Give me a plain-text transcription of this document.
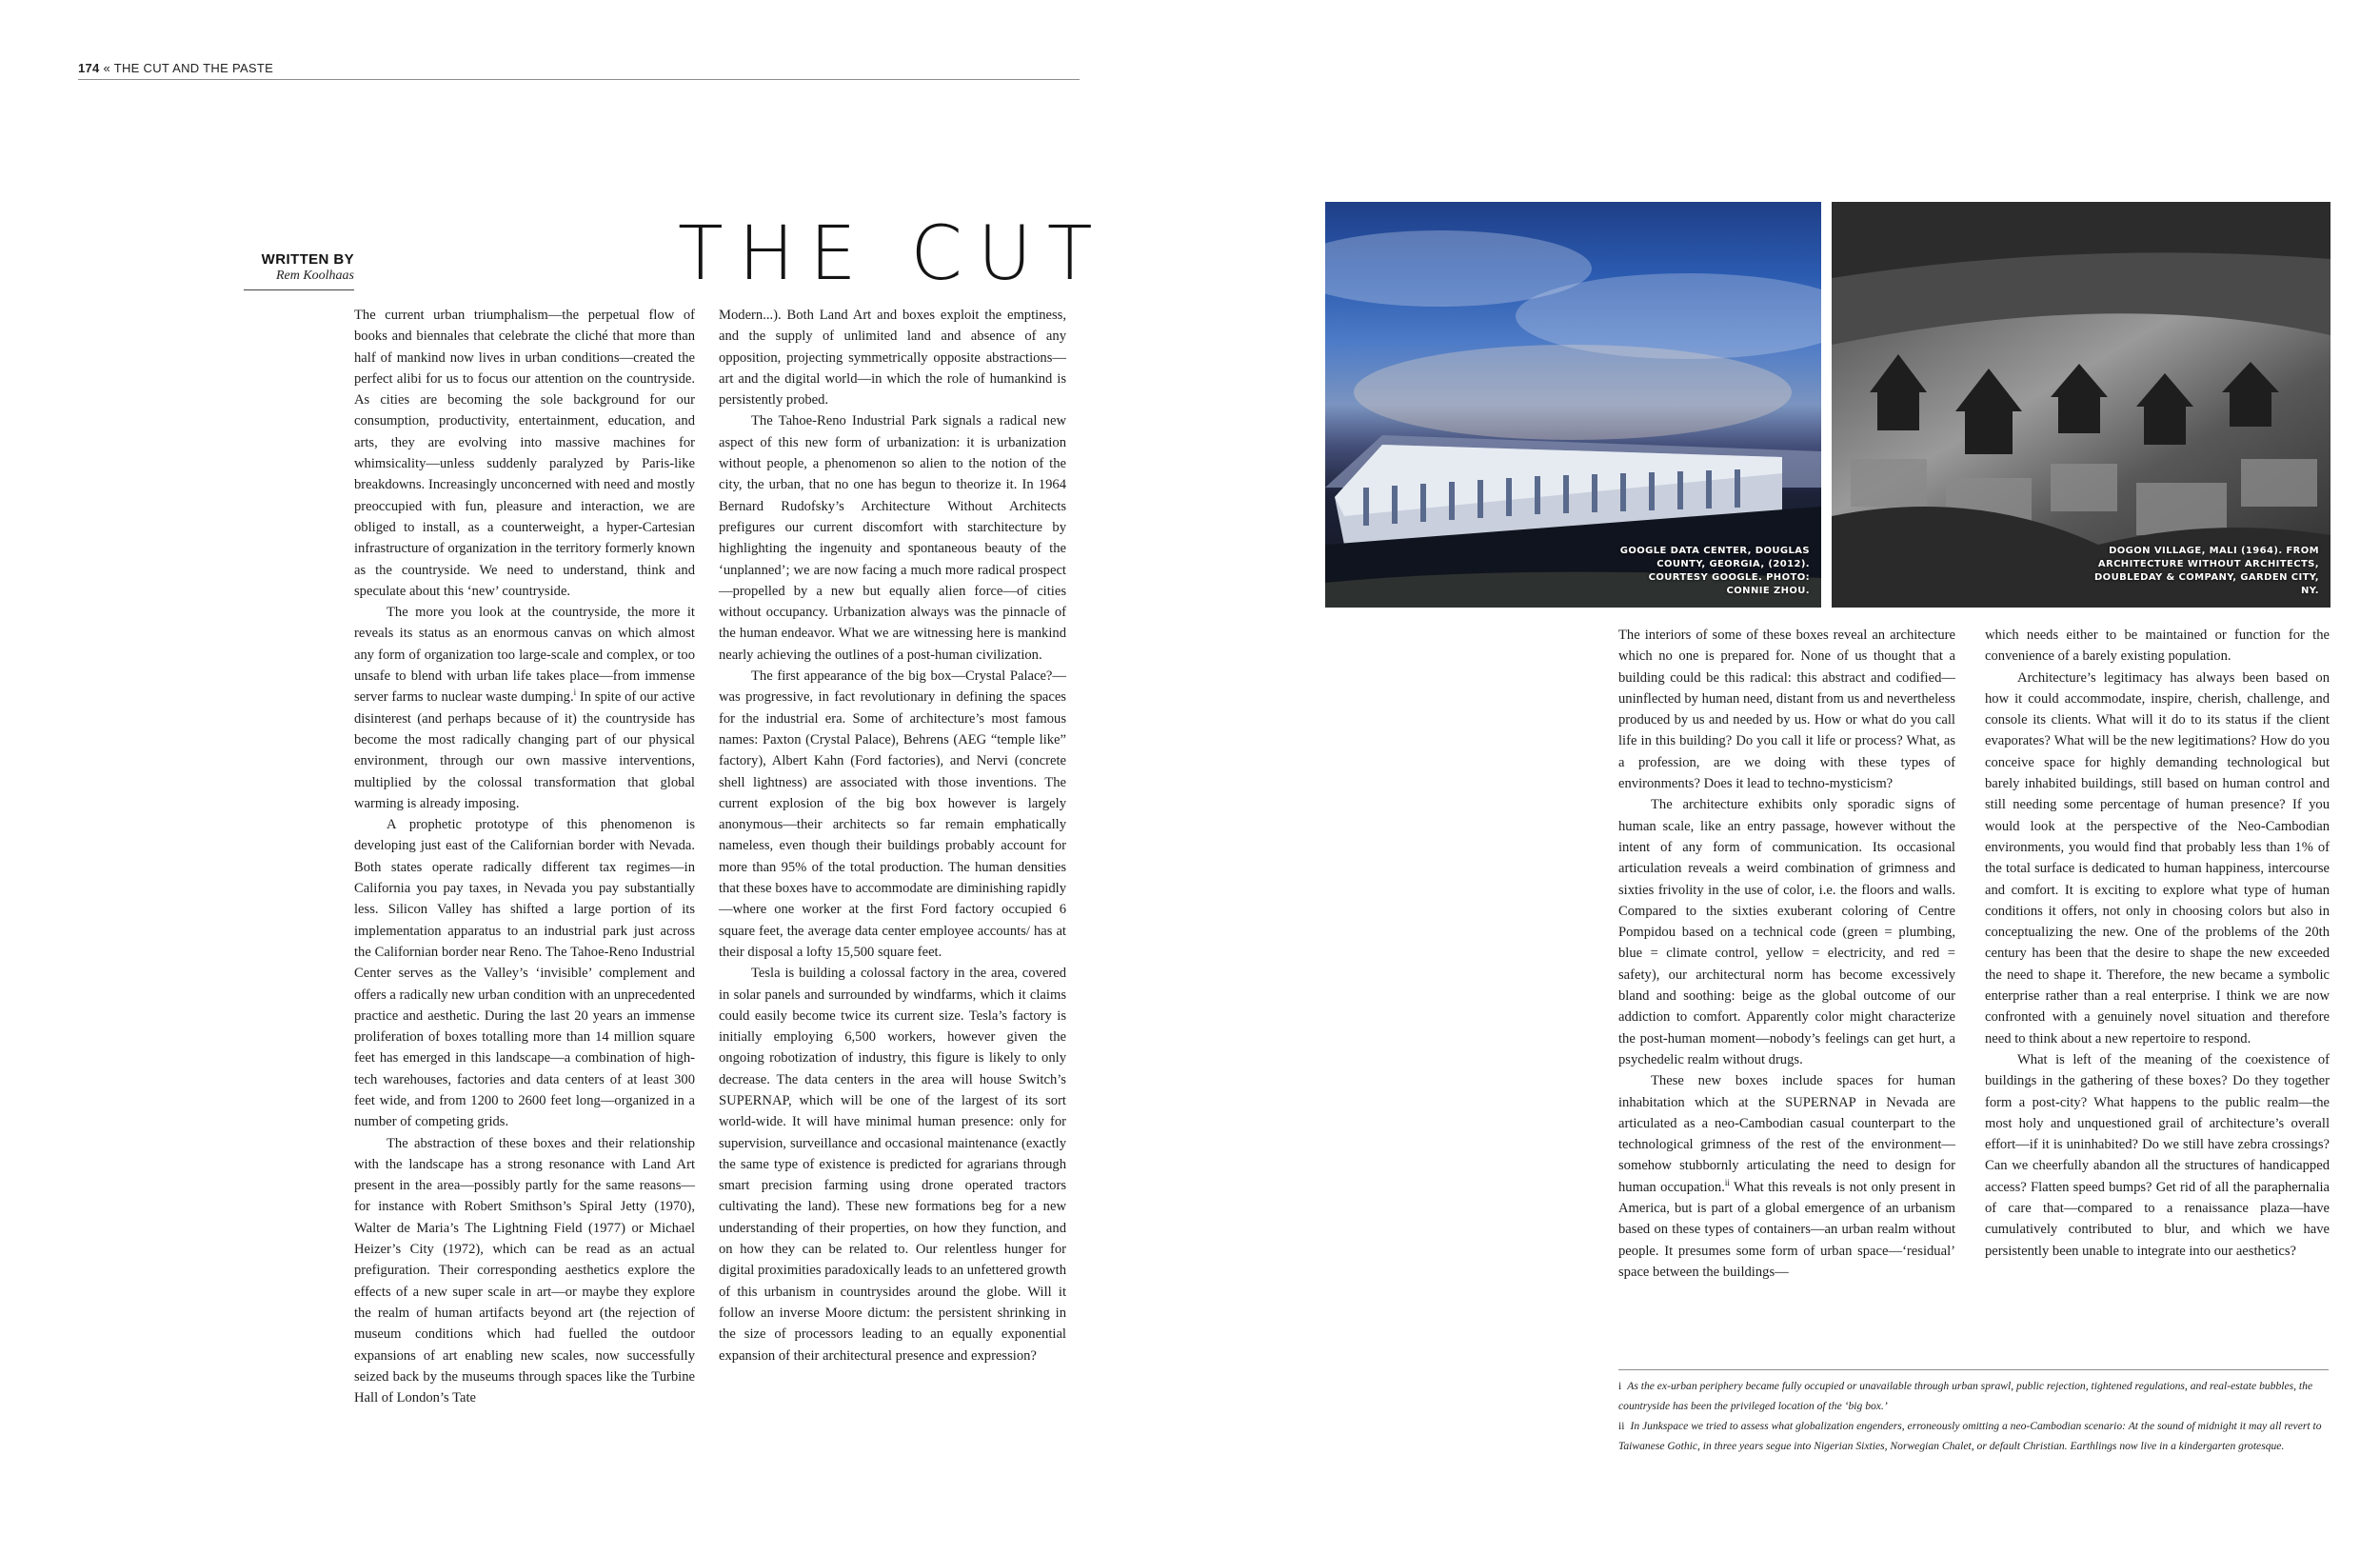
174 « THE CUT AND THE PASTE
WRITTEN BY
Rem Koolhaas	THE CUT

The current urban triumphalism—the perpetual flow of books and biennales that celebrate the cliché that more than half of mankind now lives in urban conditions—created the perfect alibi for us to focus our attention on the countryside. As cities are becoming the sole background for our consumption, productivity, entertainment, education, and arts, they are evolving into massive machines for whimsicality—unless suddenly paralyzed by Paris-like breakdowns. Increasingly unconcerned with need and mostly preoccupied with fun, pleasure and interaction, we are obliged to install, as a counterweight, a hyper-Cartesian infrastructure of organization in the territory formerly known as the countryside. We need to understand, think and speculate about this ‘new’ countryside.

The more you look at the countryside, the more it reveals its status as an enormous canvas on which almost any form of organization too large-scale and complex, or too unsafe to blend with urban life takes place—from immense server farms to nuclear waste dumping.$^i$ In spite of our active disinterest (and perhaps because of it) the countryside has become the most radically changing part of our physical environment, through our own massive interventions, multiplied by the colossal transformation that global warming is already imposing.

A prophetic prototype of this phenomenon is developing just east of the Californian border with Nevada. Both states operate radically different tax regimes—in California you pay taxes, in Nevada you pay substantially less. Silicon Valley has shifted a large portion of its implementation apparatus to an industrial park just across the Californian border near Reno. The Tahoe-Reno Industrial Center serves as the Valley’s ‘invisible’ complement and offers a radically new urban condition with an unprecedented practice and aesthetic. During the last 20 years an immense proliferation of boxes totalling more than 14 million square feet has emerged in this landscape—a combination of high-tech warehouses, factories and data centers of at least 300 feet wide, and from 1200 to 2600 feet long—organized in a number of competing grids.

The abstraction of these boxes and their relationship with the landscape has a strong resonance with Land Art present in the area—possibly partly for the same reasons—for instance with Robert Smithson’s Spiral Jetty (1970), Walter de Maria’s The Lightning Field (1977) or Michael Heizer’s City (1972), which can be read as an actual prefiguration. Their corresponding aesthetics explore the effects of a new super scale in art—or maybe they explore the realm of human artifacts beyond art (the rejection of museum conditions which had fuelled the outdoor expansions of art enabling new scales, now successfully seized back by the museums through spaces like the Turbine Hall of London’s Tate

Modern...). Both Land Art and boxes exploit the emptiness, and the supply of unlimited land and absence of any opposition, projecting symmetrically opposite abstractions—art and the digital world—in which the role of humankind is persistently probed.

The Tahoe-Reno Industrial Park signals a radical new aspect of this new form of urbanization: it is urbanization without people, a phenomenon so alien to the notion of the city, the urban, that no one has begun to theorize it. In 1964 Bernard Rudofsky’s Architecture Without Architects prefigures our current discomfort with starchitecture by highlighting the ingenuity and spontaneous beauty of the ‘unplanned’; we are now facing a much more radical prospect—propelled by a new but equally alien force—of cities without occupancy. Urbanization always was the pinnacle of the human endeavor. What we are witnessing here is mankind nearly achieving the outlines of a post-human civilization.

The first appearance of the big box—Crystal Palace?—was progressive, in fact revolutionary in defining the spaces for the industrial era. Some of architecture’s most famous names: Paxton (Crystal Palace), Behrens (AEG “temple like” factory), Albert Kahn (Ford factories), and Nervi (concrete shell lightness) are associated with those inventions. The current explosion of the big box however is largely anonymous—their architects so far remain emphatically nameless, even though their buildings probably account for more than 95% of the total production. The human densities that these boxes have to accommodate are diminishing rapidly—where one worker at the first Ford factory occupied 6 square feet, the average data center employee accounts/ has at their disposal a lofty 15,500 square feet.

Tesla is building a colossal factory in the area, covered in solar panels and surrounded by windfarms, which it claims could easily become twice its current size. Tesla’s factory is initially employing 6,500 workers, however given the ongoing robotization of industry, this figure is likely to only decrease. The data centers in the area will house Switch’s SUPERNAP, which will be one of the largest of its sort world-wide. It will have minimal human presence: only for supervision, surveillance and occasional maintenance (exactly the same type of existence is predicted for agrarians through smart precision farming using drone operated tractors cultivating the land). These new formations beg for a new understanding of their properties, on how they function, and on how they can be related to. Our relentless hunger for digital proximities paradoxically leads to an unfettered growth of this urbanism in countrysides around the globe. Will it follow an inverse Moore dictum: the persistent shrinking in the size of processors leading to an equally exponential expansion of their architectural presence and expression?

GOOGLE DATA CENTER, DOUGLAS COUNTY, GEORGIA, (2012). COURTESY GOOGLE. PHOTO: CONNIE ZHOU.
DOGON VILLAGE, MALI (1964). FROM ARCHITECTURE WITHOUT ARCHITECTS, DOUBLEDAY & COMPANY, GARDEN CITY, NY.

The interiors of some of these boxes reveal an architecture which no one is prepared for. None of us thought that a building could be this radical: this abstract and codified—uninflected by human need, distant from us and nevertheless produced by us and needed by us. How or what do you call life in this building? Do you call it life or process? What, as a profession, are we doing with these types of environments? Does it lead to techno-mysticism?

The architecture exhibits only sporadic signs of human scale, like an entry passage, however without the intent of any form of communication. Its occasional articulation reveals a weird combination of grimness and sixties frivolity in the use of color, i.e. the floors and walls. Compared to the sixties exuberant coloring of Centre Pompidou based on a technical code (green = plumbing, blue = climate control, yellow = electricity, and red = safety), our architectural norm has become excessively bland and soothing: beige as the global outcome of our addiction to comfort. Apparently color might characterize the post-human moment—nobody’s feelings can get hurt, a psychedelic realm without drugs.

These new boxes include spaces for human inhabitation which at the SUPERNAP in Nevada are articulated as a neo-Cambodian casual counterpart to the technological grimness of the rest of the environment—somehow stubbornly articulating the need to design for human occupation.$^{ii}$ What this reveals is not only present in America, but is part of a global emergence of an urbanism based on these types of containers—an urban realm without people. It presumes some form of urban space—‘residual’ space between the buildings—

which needs either to be maintained or function for the convenience of a barely existing population.

Architecture’s legitimacy has always been based on how it could accommodate, inspire, cherish, challenge, and console its clients. What will it do to its status if the client evaporates? What will be the new legitimations? How do you conceive space for highly demanding technological but barely inhabited buildings, still based on human control and still needing some percentage of human presence? If you would look at the perspective of the Neo-Cambodian environments, you would find that probably less than 1% of the total surface is dedicated to human happiness, intercourse and comfort. It is exciting to explore what type of human conditions it offers, not only in choosing colors but also in conceptualizing the new. One of the problems of the 20th century has been that the desire to shape the new exceeded the need to shape it. Therefore, the new became a symbolic enterprise rather than a real enterprise. I think we are now confronted with a genuinely novel situation and therefore need to think about a new repertoire to respond.

What is left of the meaning of the coexistence of buildings in the gathering of these boxes? Do they together form a post-city? What happens to the public realm—the most holy and unquestioned grail of architecture’s overall effort—if it is uninhabited? Do we still have zebra crossings? Can we cheerfully abandon all the structures of handicapped access? Flatten speed bumps? Get rid of all the paraphernalia of care that—compared to a renaissance plaza—have cumulatively contributed to blur, and which we have persistently been unable to integrate into our aesthetics?

i As the ex-urban periphery became fully occupied or unavailable through urban sprawl, public rejection, tightened regulations, and real-estate bubbles, the countryside has been the privileged location of the ‘big box.’
ii In Junkspace we tried to assess what globalization engenders, erroneously omitting a neo-Cambodian scenario: At the sound of midnight it may all revert to Taiwanese Gothic, in three years segue into Nigerian Sixties, Norwegian Chalet, or default Christian. Earthlings now live in a kindergarten grotesque.
